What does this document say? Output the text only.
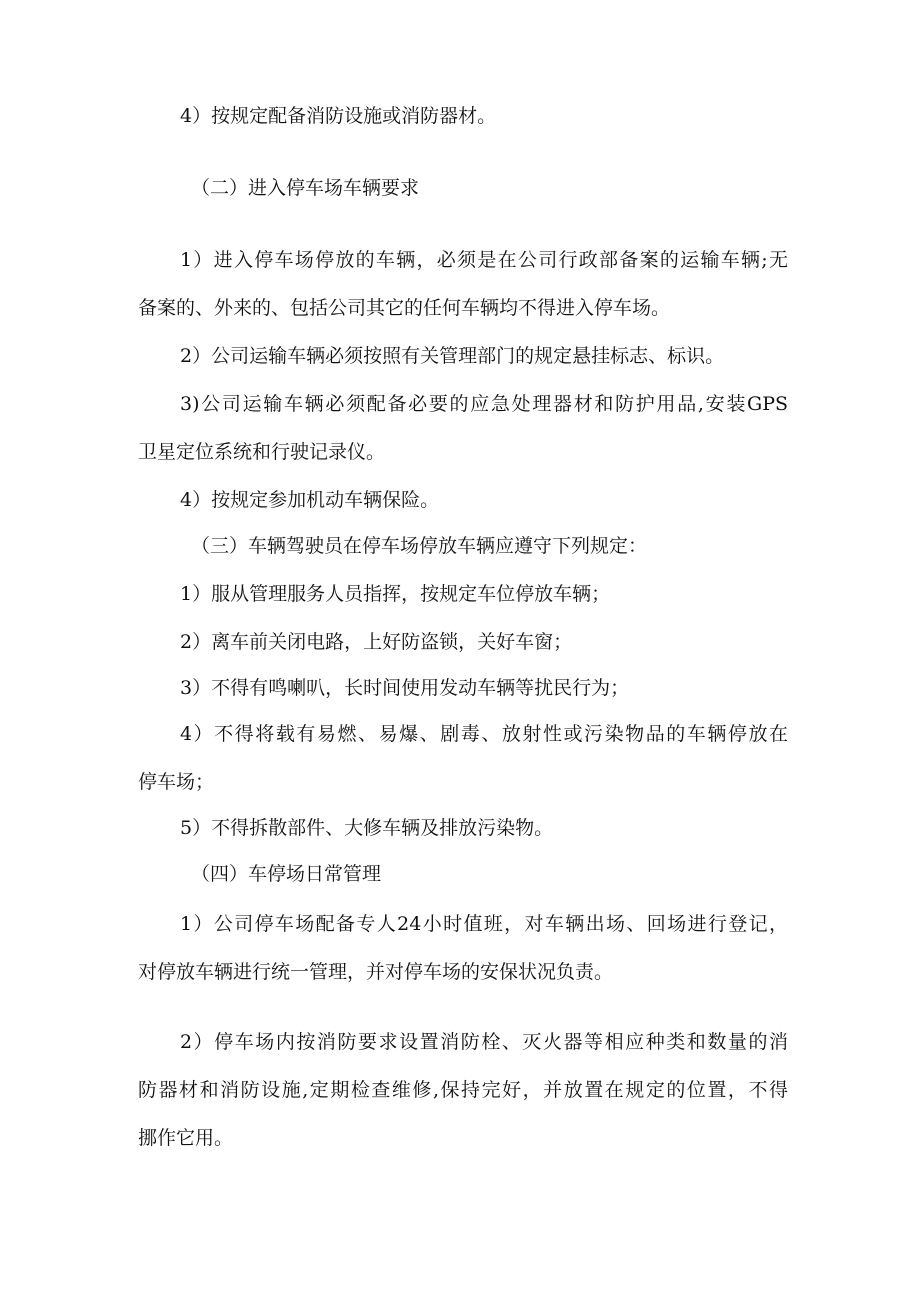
4）按规定配备消防设施或消防器材。
（二）进入停车场车辆要求
1）进入停车场停放的车辆，必须是在公司行政部备案的运输车辆;无
备案的、外来的、包括公司其它的任何车辆均不得进入停车场。
2）公司运输车辆必须按照有关管理部门的规定悬挂标志、标识。
3)公司运输车辆必须配备必要的应急处理器材和防护用品,安装GPS
卫星定位系统和行驶记录仪。
4）按规定参加机动车辆保险。
（三）车辆驾驶员在停车场停放车辆应遵守下列规定：
1）服从管理服务人员指挥，按规定车位停放车辆；
2）离车前关闭电路，上好防盗锁，关好车窗；
3）不得有鸣喇叭，长时间使用发动车辆等扰民行为；
4）不得将载有易燃、易爆、剧毒、放射性或污染物品的车辆停放在
停车场；
5）不得拆散部件、大修车辆及排放污染物。
（四）车停场日常管理
1）公司停车场配备专人24小时值班，对车辆出场、回场进行登记，
对停放车辆进行统一管理，并对停车场的安保状况负责。
2）停车场内按消防要求设置消防栓、灭火器等相应种类和数量的消
防器材和消防设施,定期检查维修,保持完好，并放置在规定的位置，不得
挪作它用。
